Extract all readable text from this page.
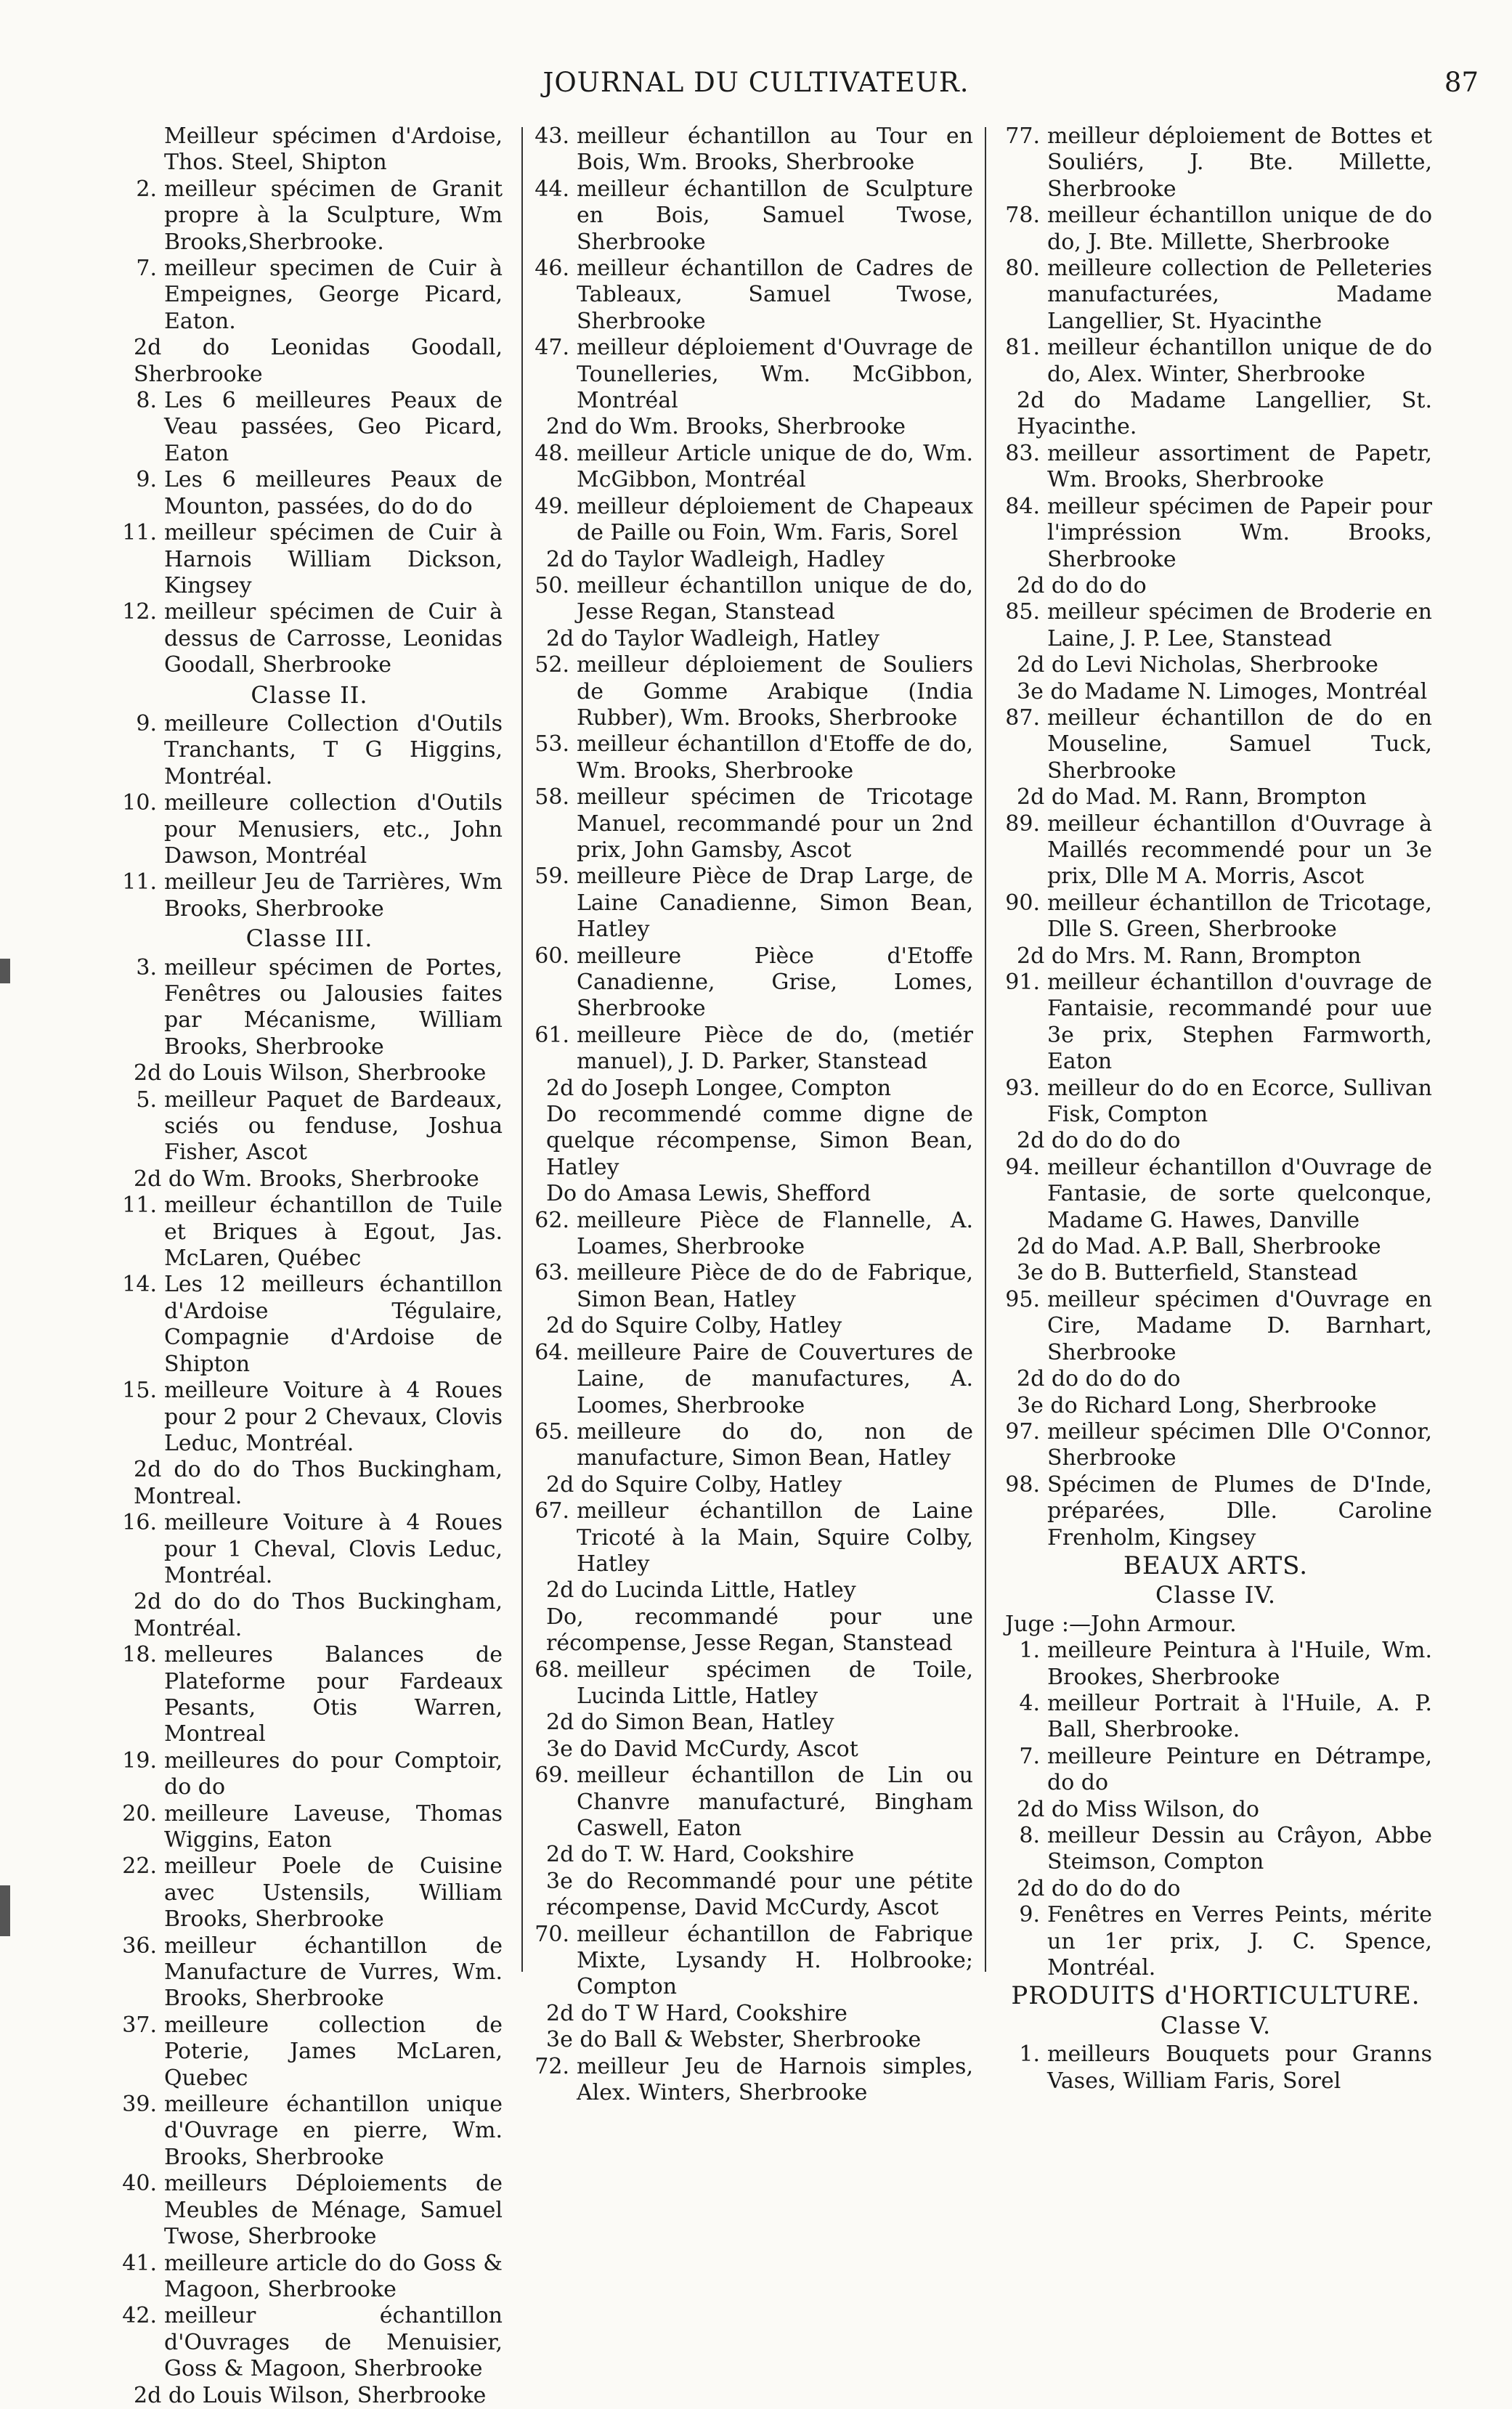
JOURNAL DU CULTIVATEUR.	87
Meilleur spécimen d'Ardoise, Thos. Steel, Shipton
2. meilleur spécimen de Granit propre à la Sculpture, Wm Brooks,Sherbrooke.
7. meilleur specimen de Cuir à Empeignes, George Picard, Eaton.
2d do Leonidas Goodall, Sherbrooke
8. Les 6 meilleures Peaux de Veau passées, Geo Picard, Eaton
9. Les 6 meilleures Peaux de Mounton, passées, do do do
11. meilleur spécimen de Cuir à Harnois William Dickson, Kingsey
12. meilleur spécimen de Cuir à dessus de Carrosse, Leonidas Goodall, Sherbrooke
Classe II.
9. meilleure Collection d'Outils Tranchants, T G Higgins, Montréal.
10. meilleure collection d'Outils pour Menusiers, etc., John Dawson, Montréal
11. meilleur Jeu de Tarrières, Wm Brooks, Sherbrooke
Classe III.
3. meilleur spécimen de Portes, Fenêtres ou Jalousies faites par Mécanisme, William Brooks, Sherbrooke
2d do Louis Wilson, Sherbrooke
5. meilleur Paquet de Bardeaux, sciés ou fenduse, Joshua Fisher, Ascot
2d do Wm. Brooks, Sherbrooke
11. meilleur échantillon de Tuile et Briques à Egout, Jas. McLaren, Québec
14. Les 12 meilleurs échantillon d'Ardoise Tégulaire, Compagnie d'Ardoise de Shipton
15. meilleure Voiture à 4 Roues pour 2 pour 2 Chevaux, Clovis Leduc, Montréal.
2d do do do Thos Buckingham, Montreal.
16. meilleure Voiture à 4 Roues pour 1 Cheval, Clovis Leduc, Montréal.
2d do do do Thos Buckingham, Montréal.
18. melleures Balances de Plateforme pour Fardeaux Pesants, Otis Warren, Montreal
19. meilleures do pour Comptoir, do do
20. meilleure Laveuse, Thomas Wiggins, Eaton
22. meilleur Poele de Cuisine avec Ustensils, William Brooks, Sherbrooke
36. meilleur échantillon de Manufacture de Vurres, Wm. Brooks, Sherbrooke
37. meilleure collection de Poterie, James McLaren, Quebec
39. meilleure échantillon unique d'Ouvrage en pierre, Wm. Brooks, Sherbrooke
40. meilleurs Déploiements de Meubles de Ménage, Samuel Twose, Sherbrooke
41. meilleure article do do Goss & Magoon, Sherbrooke
42. meilleur échantillon d'Ouvrages de Menuisier, Goss & Magoon, Sherbrooke
2d do Louis Wilson, Sherbrooke
43. meilleur échantillon au Tour en Bois, Wm. Brooks, Sherbrooke
44. meilleur échantillon de Sculpture en Bois, Samuel Twose, Sherbrooke
46. meilleur échantillon de Cadres de Tableaux, Samuel Twose, Sherbrooke
47. meilleur déploiement d'Ouvrage de Tounelleries, Wm. McGibbon, Montréal
2nd do Wm. Brooks, Sherbrooke
48. meilleur Article unique de do, Wm. McGibbon, Montréal
49. meilleur déploiement de Chapeaux de Paille ou Foin, Wm. Faris, Sorel
2d do Taylor Wadleigh, Hadley
50. meilleur échantillon unique de do, Jesse Regan, Stanstead
2d do Taylor Wadleigh, Hatley
52. meilleur déploiement de Souliers de Gomme Arabique (India Rubber), Wm. Brooks, Sherbrooke
53. meilleur échantillon d'Etoffe de do, Wm. Brooks, Sherbrooke
58. meilleur spécimen de Tricotage Manuel, recommandé pour un 2nd prix, John Gamsby, Ascot
59. meilleure Pièce de Drap Large, de Laine Canadienne, Simon Bean, Hatley
60. meilleure Pièce d'Etoffe Canadienne, Grise, Lomes, Sherbrooke
61. meilleure Pièce de do, (metiér manuel), J. D. Parker, Stanstead
2d do Joseph Longee, Compton
Do recommendé comme digne de quelque récompense, Simon Bean, Hatley
Do do Amasa Lewis, Shefford
62. meilleure Pièce de Flannelle, A. Loames, Sherbrooke
63. meilleure Pièce de do de Fabrique, Simon Bean, Hatley
2d do Squire Colby, Hatley
64. meilleure Paire de Couvertures de Laine, de manufactures, A. Loomes, Sherbrooke
65. meilleure do do, non de manufacture, Simon Bean, Hatley
2d do Squire Colby, Hatley
67. meilleur échantillon de Laine Tricoté à la Main, Squire Colby, Hatley
2d do Lucinda Little, Hatley
Do, recommandé pour une récompense, Jesse Regan, Stanstead
68. meilleur spécimen de Toile, Lucinda Little, Hatley
2d do Simon Bean, Hatley
3e do David McCurdy, Ascot
69. meilleur échantillon de Lin ou Chanvre manufacturé, Bingham Caswell, Eaton
2d do T. W. Hard, Cookshire
3e do Recommandé pour une pétite récompense, David McCurdy, Ascot
70. meilleur échantillon de Fabrique Mixte, Lysandy H. Holbrooke; Compton
2d do T W Hard, Cookshire
3e do Ball & Webster, Sherbrooke
72. meilleur Jeu de Harnois simples, Alex. Winters, Sherbrooke
77. meilleur déploiement de Bottes et Souliérs, J. Bte. Millette, Sherbrooke
78. meilleur échantillon unique de do do, J. Bte. Millette, Sherbrooke
80. meilleure collection de Pelleteries manufacturées, Madame Langellier, St. Hyacinthe
81. meilleur échantillon unique de do do, Alex. Winter, Sherbrooke
2d do Madame Langellier, St. Hyacinthe.
83. meilleur assortiment de Papetr, Wm. Brooks, Sherbrooke
84. meilleur spécimen de Papeir pour l'impréssion Wm. Brooks, Sherbrooke
2d do do do
85. meilleur spécimen de Broderie en Laine, J. P. Lee, Stanstead
2d do Levi Nicholas, Sherbrooke
3e do Madame N. Limoges, Montréal
87. meilleur échantillon de do en Mouseline, Samuel Tuck, Sherbrooke
2d do Mad. M. Rann, Brompton
89. meilleur échantillon d'Ouvrage à Maillés recommendé pour un 3e prix, Dlle M A. Morris, Ascot
90. meilleur échantillon de Tricotage, Dlle S. Green, Sherbrooke
2d do Mrs. M. Rann, Brompton
91. meilleur échantillon d'ouvrage de Fantaisie, recommandé pour uue 3e prix, Stephen Farmworth, Eaton
93. meilleur do do en Ecorce, Sullivan Fisk, Compton
2d do do do do
94. meilleur échantillon d'Ouvrage de Fantasie, de sorte quelconque, Madame G. Hawes, Danville
2d do Mad. A.P. Ball, Sherbrooke
3e do B. Butterfield, Stanstead
95. meilleur spécimen d'Ouvrage en Cire, Madame D. Barnhart, Sherbrooke
2d do do do do
3e do Richard Long, Sherbrooke
97. meilleur spécimen Dlle O'Connor, Sherbrooke
98. Spécimen de Plumes de D'Inde, préparées, Dlle. Caroline Frenholm, Kingsey
BEAUX ARTS.
Classe IV.
Juge :—John Armour.
1. meilleure Peintura à l'Huile, Wm. Brookes, Sherbrooke
4. meilleur Portrait à l'Huile, A. P. Ball, Sherbrooke.
7. meilleure Peinture en Détrampe, do do
2d do Miss Wilson, do
8. meilleur Dessin au Crâyon, Abbe Steimson, Compton
2d do do do do
9. Fenêtres en Verres Peints, mérite un 1er prix, J. C. Spence, Montréal.
PRODUITS d'HORTICULTURE.
Classe V.
1. meilleurs Bouquets pour Granns Vases, William Faris, Sorel
